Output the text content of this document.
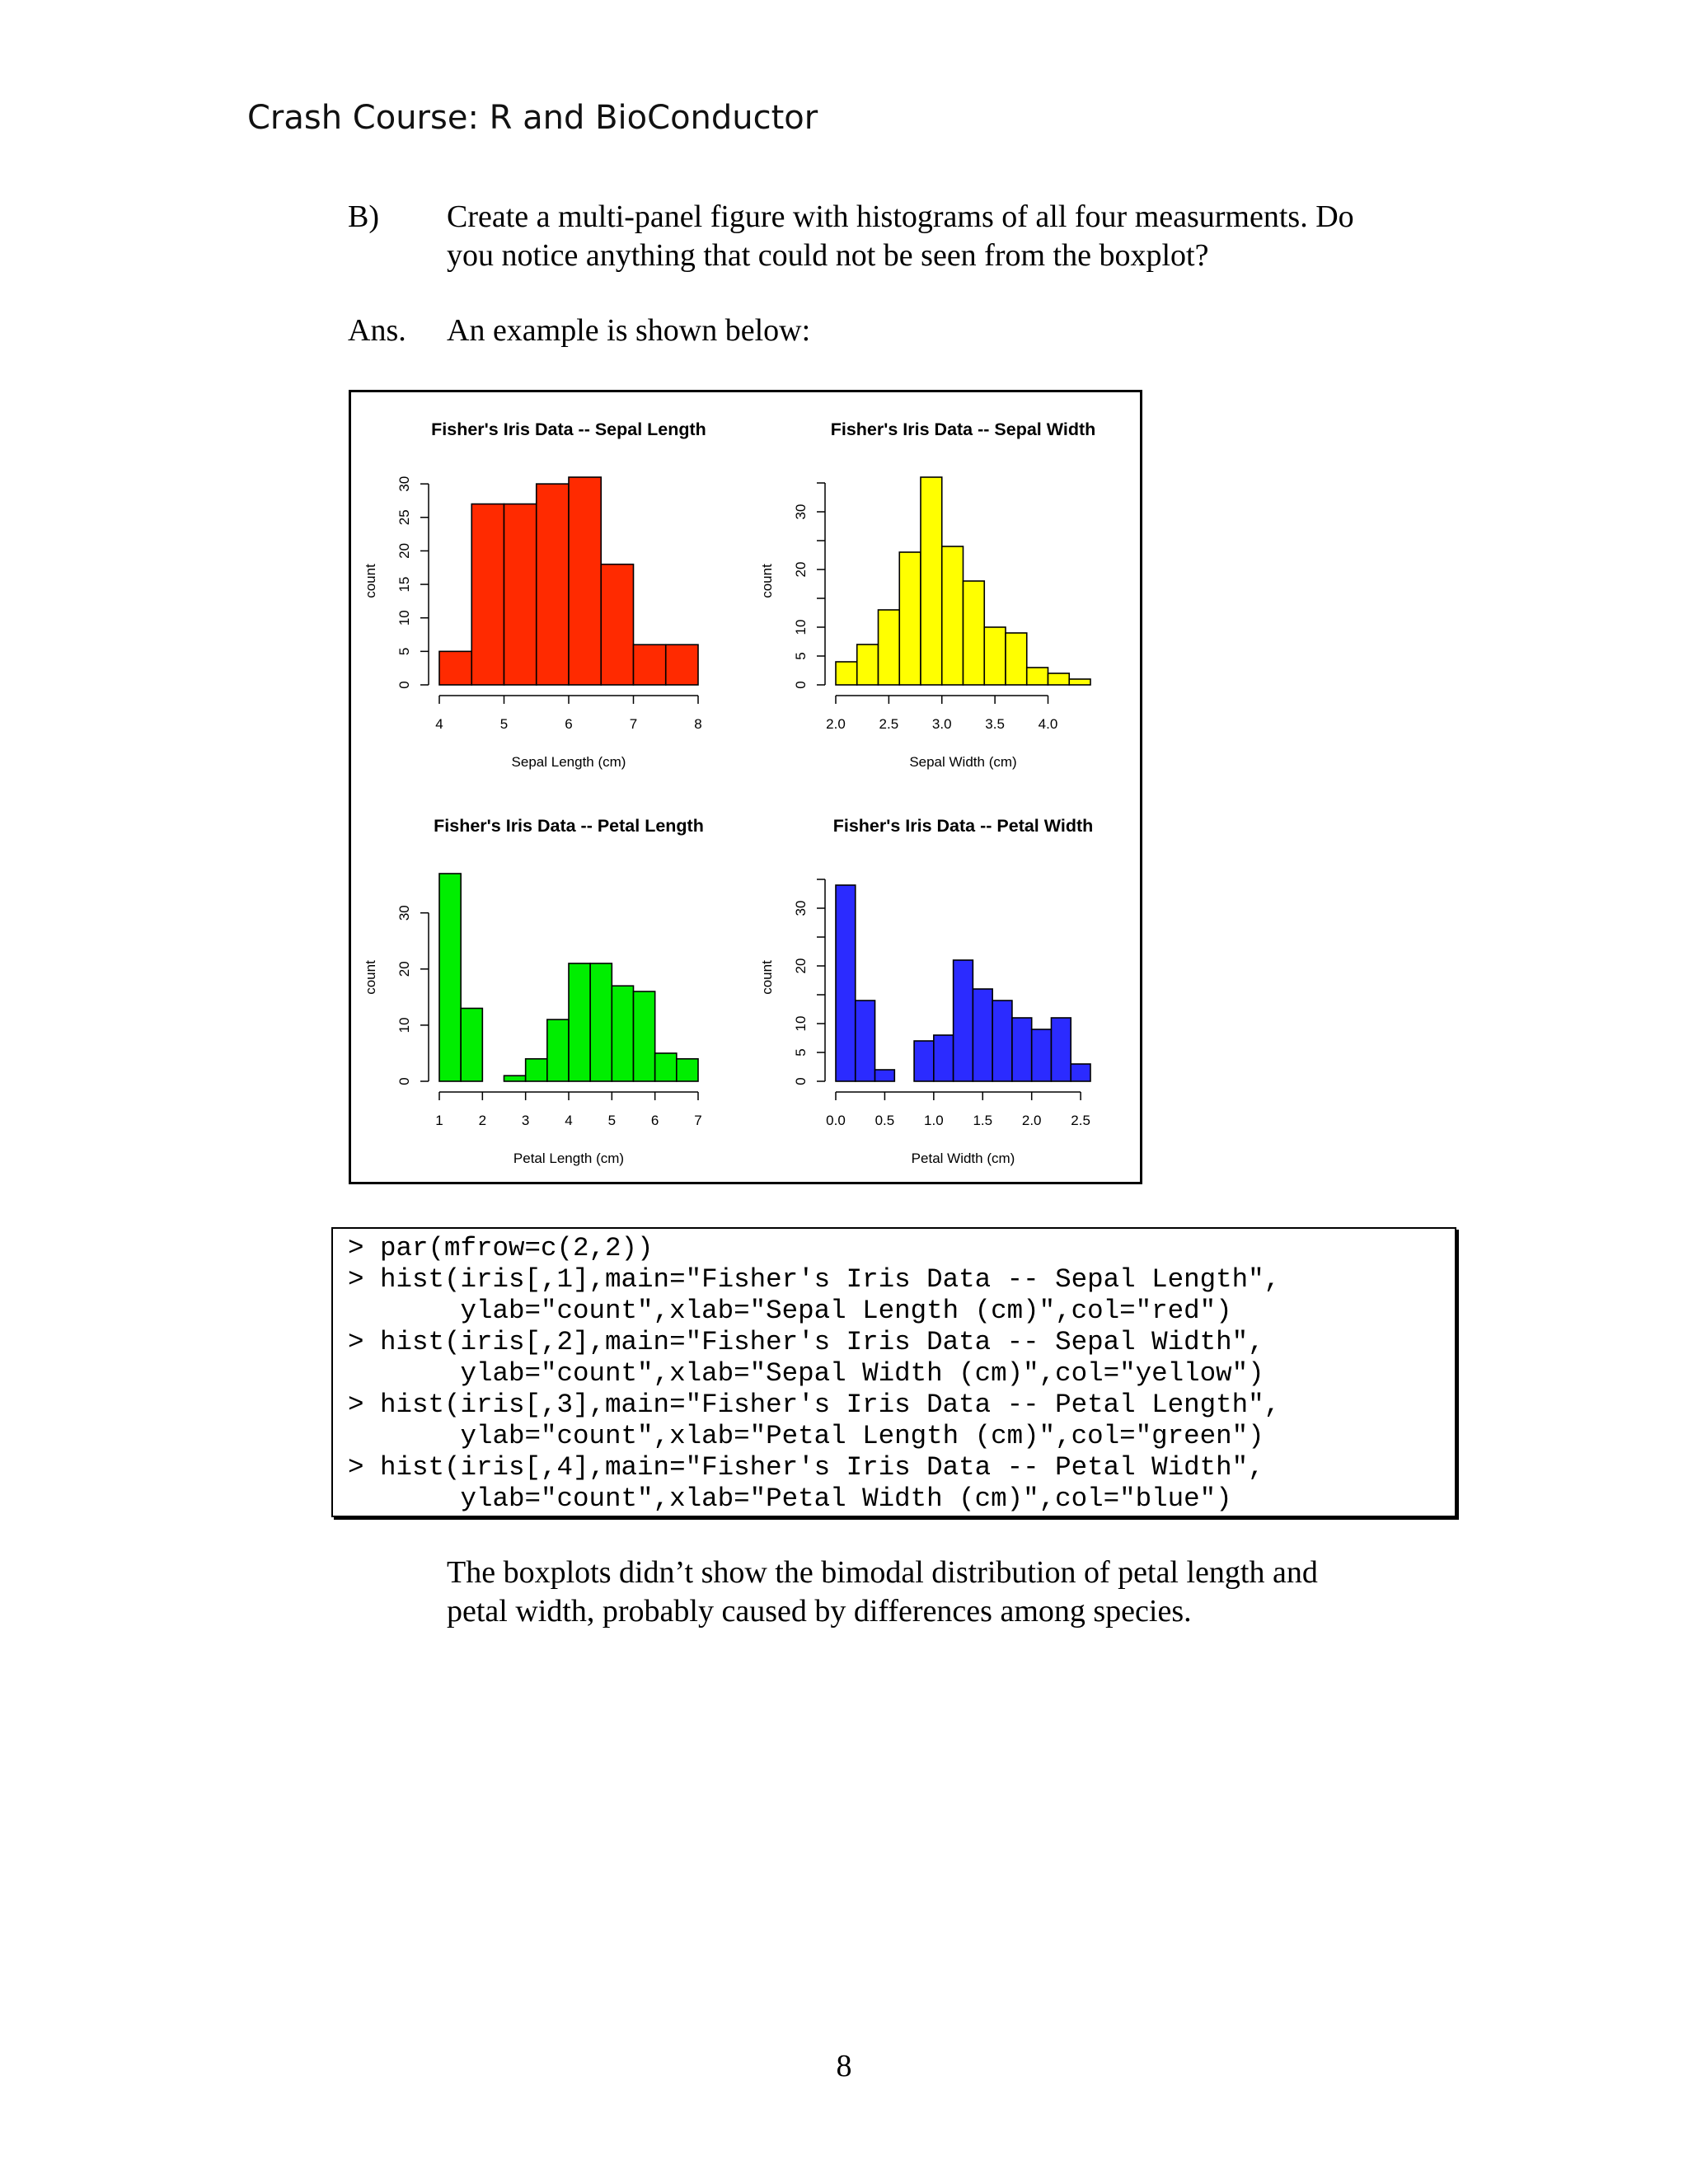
Crash Course: R and BioConductor
B) Create a multi-panel figure with histograms of all four measurments. Do
you notice anything that could not be seen from the boxplot?
Ans. An example is shown below:
Fisher's Iris Data -- Sepal Length
4	5	6	7	8
Sepal Length (cm)
0
5
10
15
20
25
30
count
Fisher's Iris Data -- Sepal Width
2.0 2.5 3.0 3.5 4.0
Sepal Width (cm)
0
5
10
20
30
count
Fisher's Iris Data -- Petal Length
1	2	3	4	5	6	7
Petal Length (cm)
0
10
20
30
count
Fisher's Iris Data -- Petal Width
0.0 0.5 1.0 1.5 2.0 2.5
Petal Width (cm)
0
5
10
20
30
count
> par(mfrow=c(2,2))
> hist(iris[,1],main="Fisher's Iris Data -- Sepal Length",
ylab="count",xlab="Sepal Length (cm)",col="red")
> hist(iris[,2],main="Fisher's Iris Data -- Sepal Width",
ylab="count",xlab="Sepal Width (cm)",col="yellow")
> hist(iris[,3],main="Fisher's Iris Data -- Petal Length",
ylab="count",xlab="Petal Length (cm)",col="green")
> hist(iris[,4],main="Fisher's Iris Data -- Petal Width",
ylab="count",xlab="Petal Width (cm)",col="blue")
The boxplots didn’t show the bimodal distribution of petal length and
petal width, probably caused by differences among species.
8
